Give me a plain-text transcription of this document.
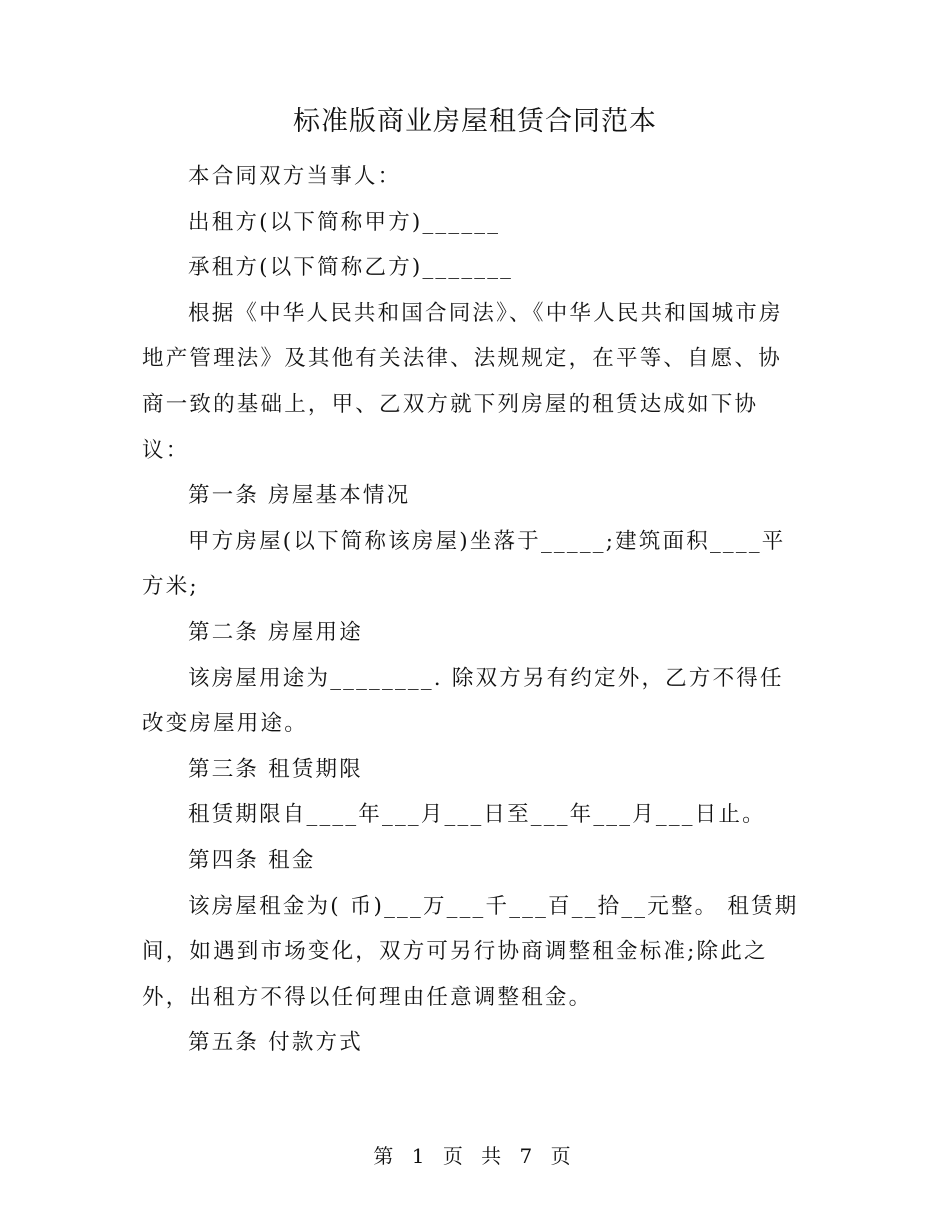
标准版商业房屋租赁合同范本

本合同双方当事人：

出租方(以下简称甲方)______

承租方(以下简称乙方)_______

根据《中华人民共和国合同法》、《中华人民共和国城市房地产管理法》及其他有关法律、法规规定，在平等、自愿、协商一致的基础上，甲、乙双方就下列房屋的租赁达成如下协议：

第一条 房屋基本情况

甲方房屋(以下简称该房屋)坐落于_____;建筑面积____平方米;

第二条 房屋用途

该房屋用途为________. 除双方另有约定外，乙方不得任改变房屋用途。

第三条 租赁期限

租赁期限自____年___月___日至___年___月___日止。

第四条 租金

该房屋租金为( 币)___万___千___百__拾__元整。 租赁期间，如遇到市场变化，双方可另行协商调整租金标准;除此之外，出租方不得以任何理由任意调整租金。

第五条 付款方式

第 1 页 共 7 页
